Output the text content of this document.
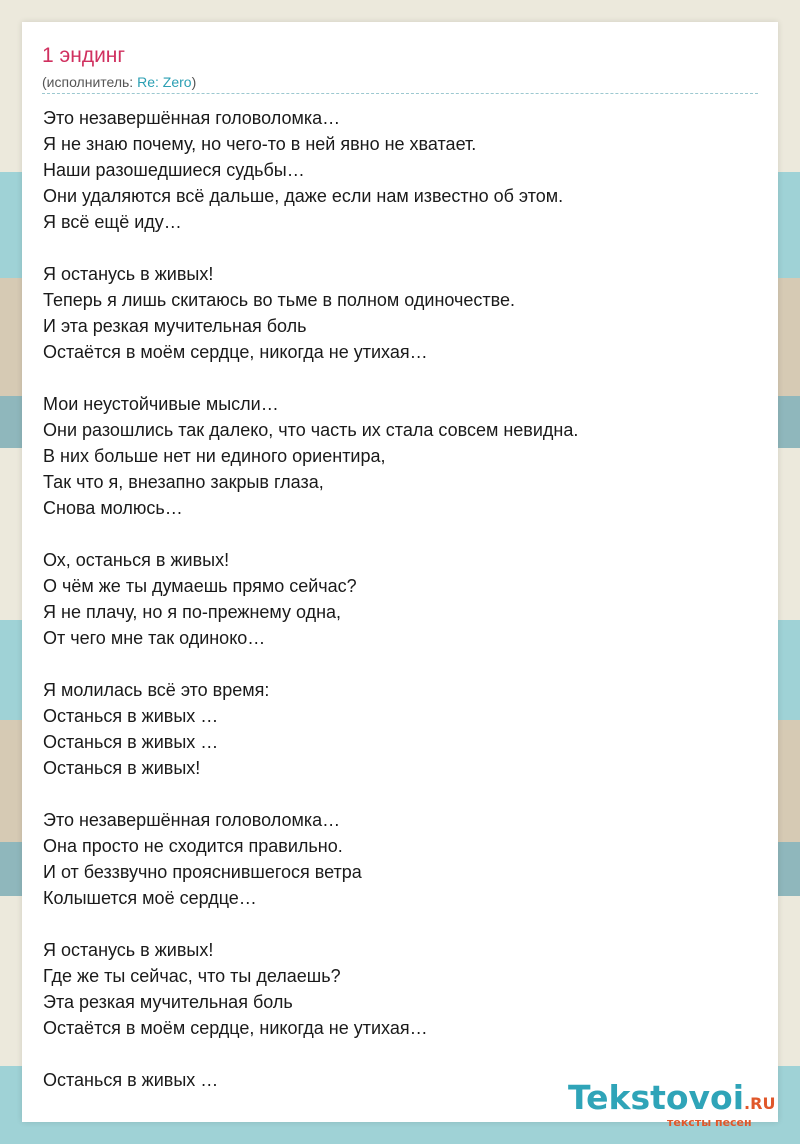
1 эндинг
(исполнитель: Re: Zero)
Это незавершённая головоломка…
Я не знаю почему, но чего-то в ней явно не хватает.
Наши разошедшиеся судьбы…
Они удаляются всё дальше, даже если нам известно об этом.
Я всё ещё иду…
Я останусь в живых!
Теперь я лишь скитаюсь во тьме в полном одиночестве.
И эта резкая мучительная боль
Остаётся в моём сердце, никогда не утихая…
Мои неустойчивые мысли…
Они разошлись так далеко, что часть их стала совсем невидна.
В них больше нет ни единого ориентира,
Так что я, внезапно закрыв глаза,
Снова молюсь…
Ох, останься в живых!
О чём же ты думаешь прямо сейчас?
Я не плачу, но я по-прежнему одна,
От чего мне так одиноко…
Я молилась всё это время:
Останься в живых …
Останься в живых …
Останься в живых!
Это незавершённая головоломка…
Она просто не сходится правильно.
И от беззвучно прояснившегося ветра
Колышется моё сердце…
Я останусь в живых!
Где же ты сейчас, что ты делаешь?
Эта резкая мучительная боль
Остаётся в моём сердце, никогда не утихая…
Останься в живых …	Tekstovoi.RU
тексты песен
